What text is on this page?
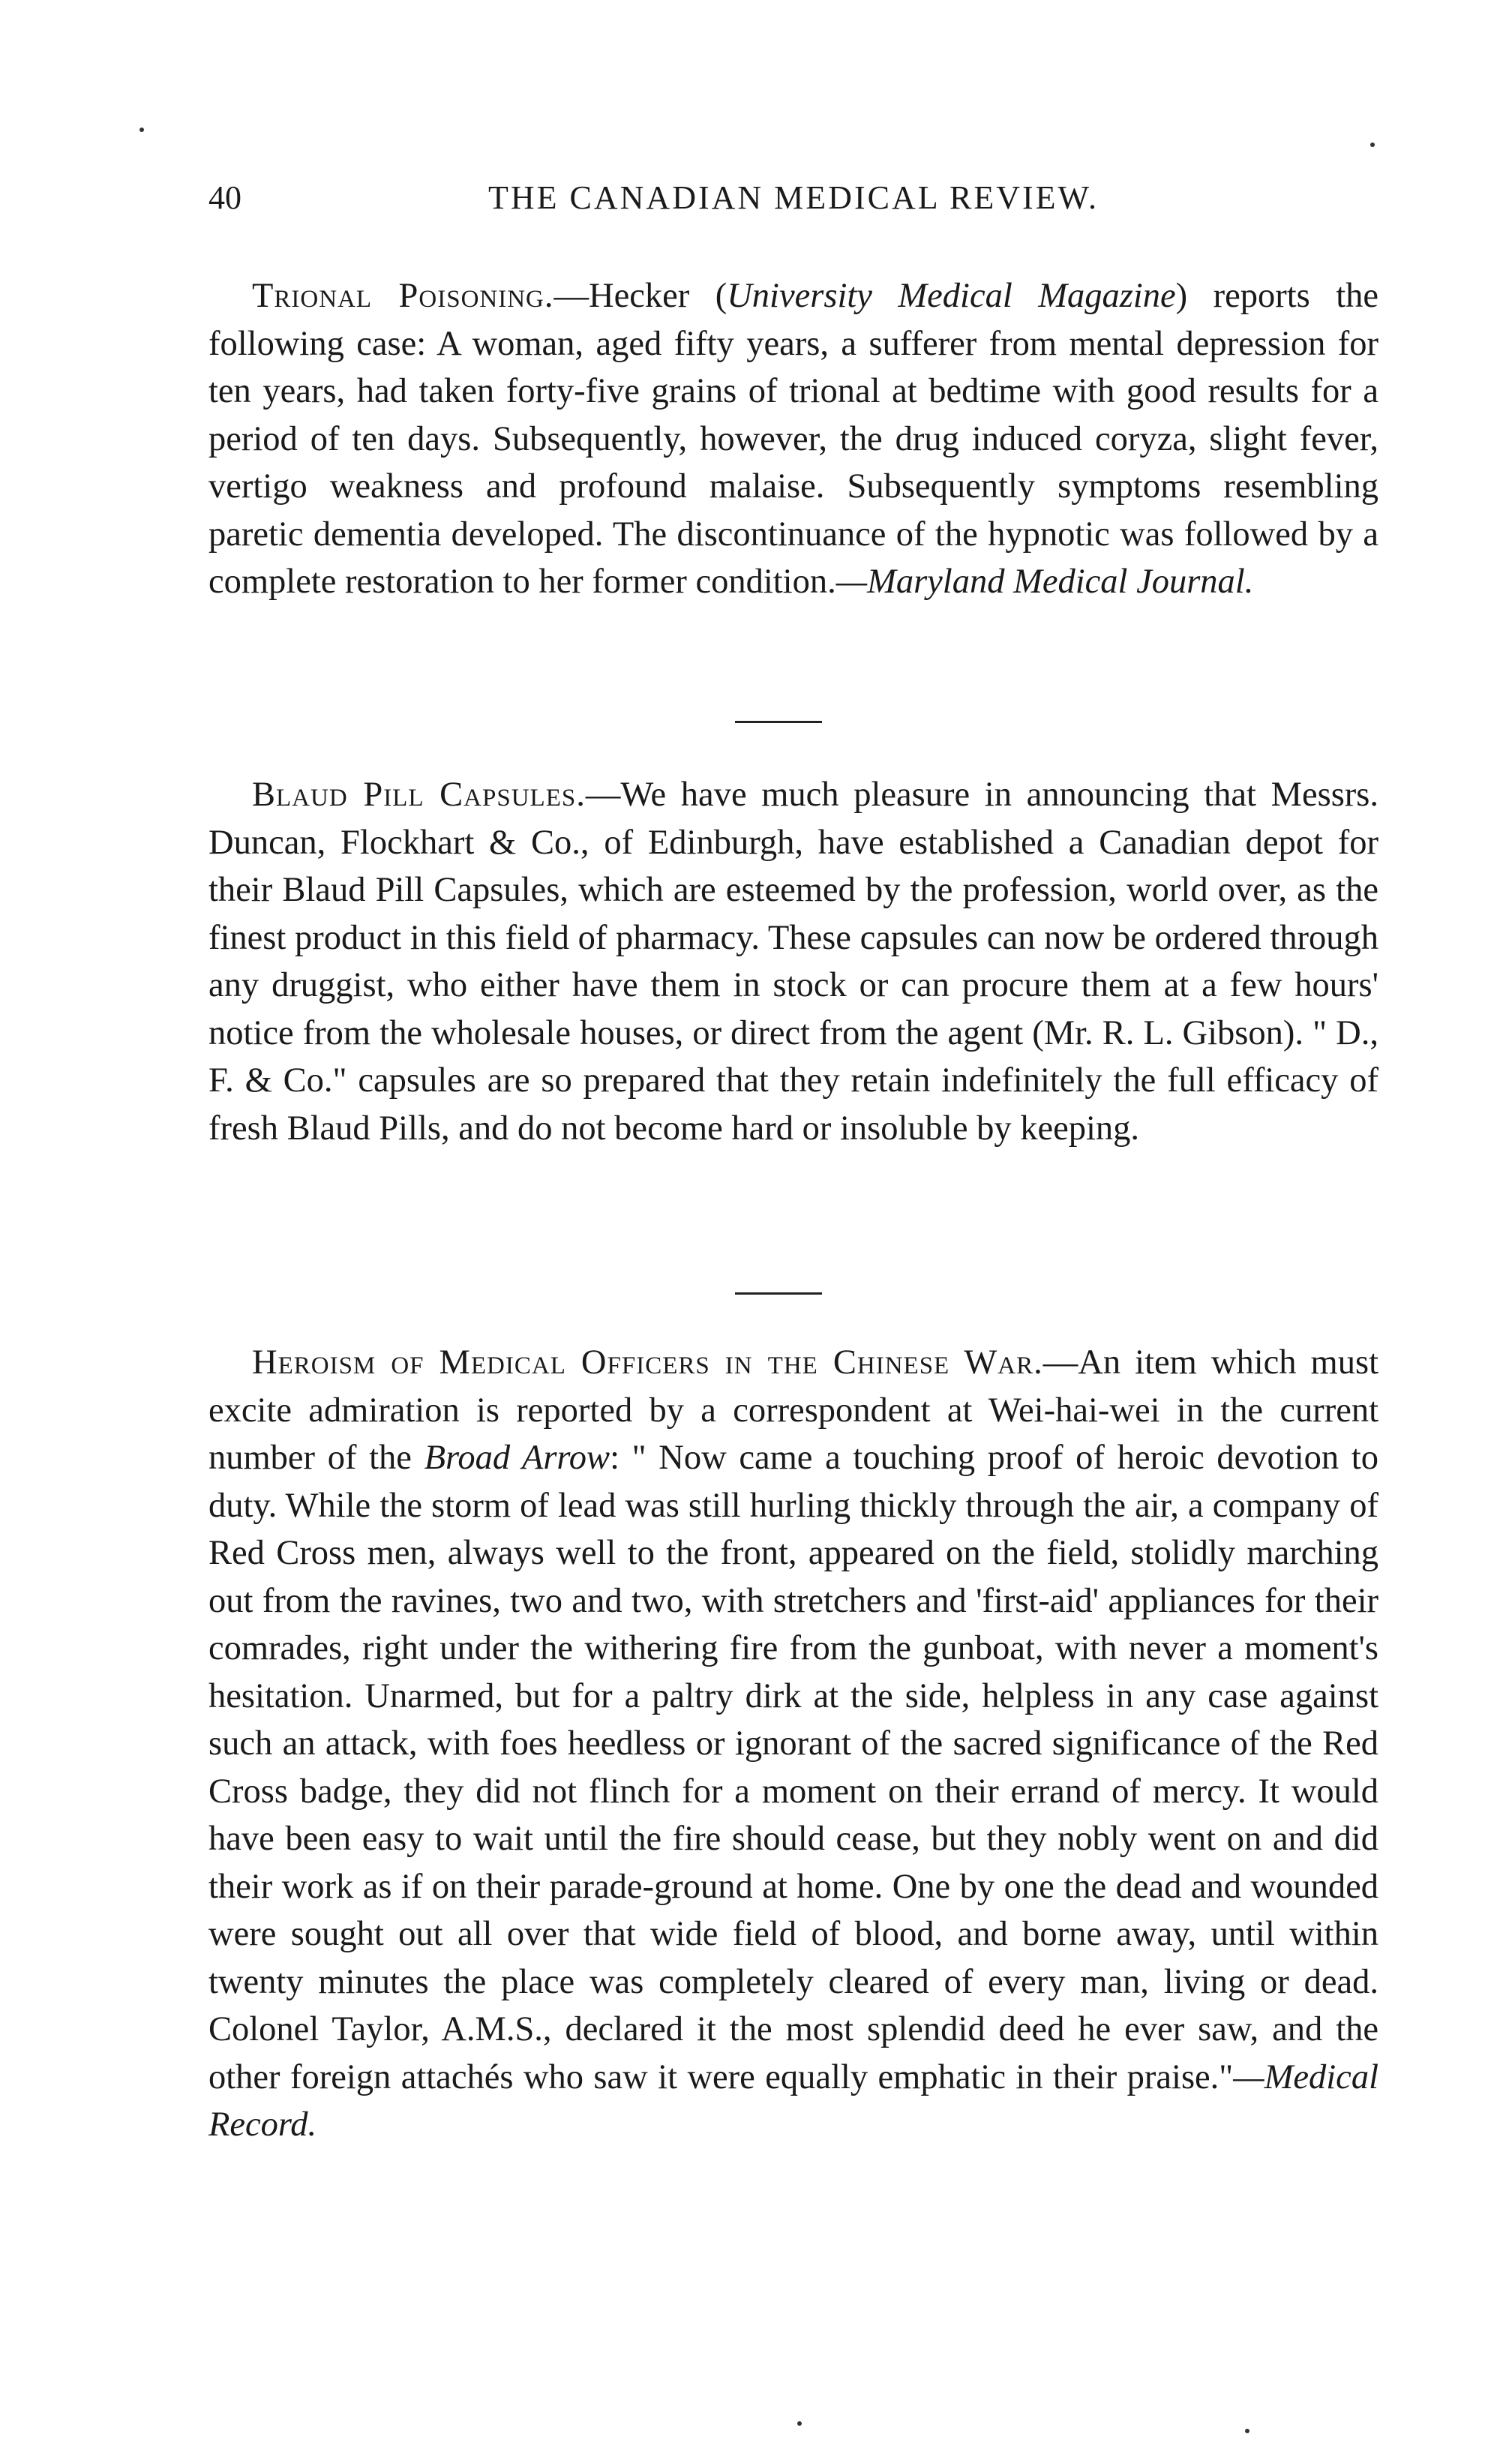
40	THE CANADIAN MEDICAL REVIEW.

Trional Poisoning.—Hecker (University Medical Magazine) reports the following case: A woman, aged fifty years, a sufferer from mental depression for ten years, had taken forty-five grains of trional at bedtime with good results for a period of ten days. Subsequently, however, the drug induced coryza, slight fever, vertigo weakness and profound malaise. Subsequently symptoms resembling paretic dementia developed. The discontinuance of the hypnotic was followed by a complete restoration to her former condition.—Maryland Medical Journal.

Blaud Pill Capsules.—We have much pleasure in announcing that Messrs. Duncan, Flockhart & Co., of Edinburgh, have established a Canadian depot for their Blaud Pill Capsules, which are esteemed by the profession, world over, as the finest product in this field of pharmacy. These capsules can now be ordered through any druggist, who either have them in stock or can procure them at a few hours' notice from the wholesale houses, or direct from the agent (Mr. R. L. Gibson). " D., F. & Co." capsules are so prepared that they retain indefinitely the full efficacy of fresh Blaud Pills, and do not become hard or insoluble by keeping.

Heroism of Medical Officers in the Chinese War.—An item which must excite admiration is reported by a correspondent at Wei-hai-wei in the current number of the Broad Arrow: " Now came a touching proof of heroic devotion to duty. While the storm of lead was still hurling thickly through the air, a company of Red Cross men, always well to the front, appeared on the field, stolidly marching out from the ravines, two and two, with stretchers and 'first-aid' appliances for their comrades, right under the withering fire from the gunboat, with never a moment's hesitation. Unarmed, but for a paltry dirk at the side, helpless in any case against such an attack, with foes heedless or ignorant of the sacred significance of the Red Cross badge, they did not flinch for a moment on their errand of mercy. It would have been easy to wait until the fire should cease, but they nobly went on and did their work as if on their parade-ground at home. One by one the dead and wounded were sought out all over that wide field of blood, and borne away, until within twenty minutes the place was completely cleared of every man, living or dead. Colonel Taylor, A.M.S., declared it the most splendid deed he ever saw, and the other foreign attachés who saw it were equally emphatic in their praise."—Medical Record.
